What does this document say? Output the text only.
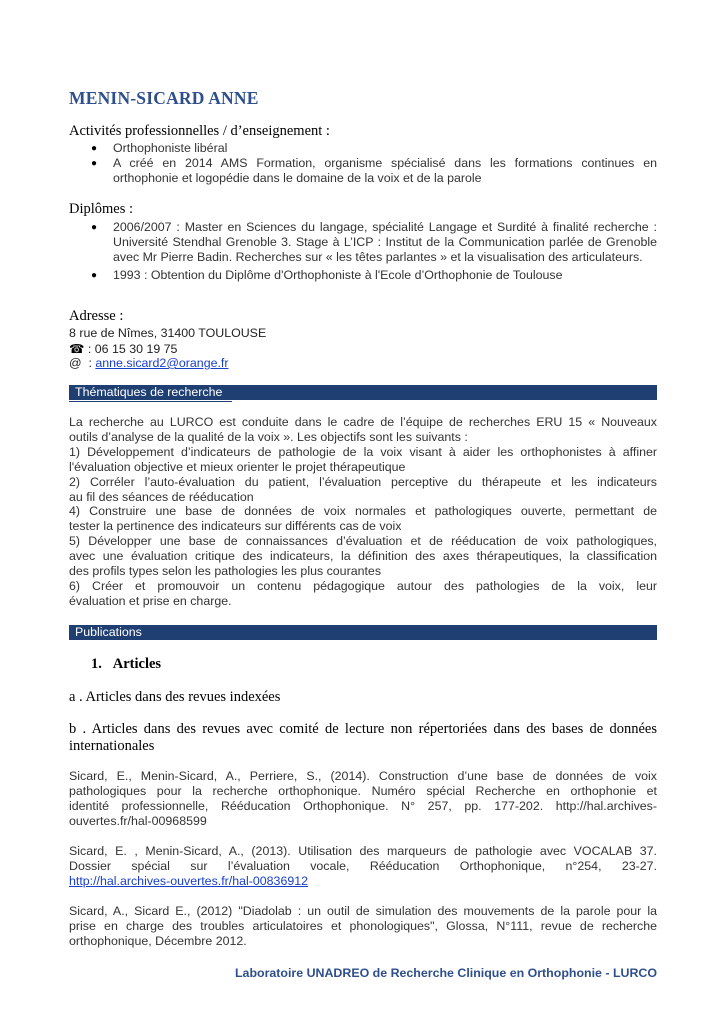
MENIN-SICARD ANNE
Activités professionnelles / d’enseignement :
● Orthophoniste libéral
● A créé en 2014 AMS Formation, organisme spécialisé dans les formations continues en orthophonie et logopédie dans le domaine de la voix et de la parole
Diplômes :
● 2006/2007 : Master en Sciences du langage, spécialité Langage et Surdité à finalité recherche : Université Stendhal Grenoble 3. Stage à L’ICP : Institut de la Communication parlée de Grenoble avec Mr Pierre Badin. Recherches sur « les têtes parlantes » et la visualisation des articulateurs.
● 1993 : Obtention du Diplôme d'Orthophoniste à l'Ecole d’Orthophonie de Toulouse
Adresse :
8 rue de Nîmes, 31400 TOULOUSE
☎ : 06 15 30 19 75
@  : anne.sicard2@orange.fr
Thématiques de recherche
La recherche au LURCO est conduite dans le cadre de l’équipe de recherches ERU 15 « Nouveaux
outils d’analyse de la qualité de la voix ». Les objectifs sont les suivants :
1) Développement d’indicateurs de pathologie de la voix visant à aider les orthophonistes à affiner
l'évaluation objective et mieux orienter le projet thérapeutique
2) Corréler l’auto-évaluation du patient, l’évaluation perceptive du thérapeute et les indicateurs
au fil des séances de rééducation
4) Construire une base de données de voix normales et pathologiques ouverte, permettant de
tester la pertinence des indicateurs sur différents cas de voix
5) Développer une base de connaissances d’évaluation et de rééducation de voix pathologiques,
avec une évaluation critique des indicateurs, la définition des axes thérapeutiques, la classification
des profils types selon les pathologies les plus courantes
6) Créer et promouvoir un contenu pédagogique autour des pathologies de la voix, leur
évaluation et prise en charge.
Publications
1. Articles
a . Articles dans des revues indexées
b . Articles dans des revues avec comité de lecture non répertoriées dans des bases de données
internationales
Sicard, E., Menin-Sicard, A., Perriere, S., (2014). Construction d’une base de données de voix
pathologiques pour la recherche orthophonique. Numéro spécial Recherche en orthophonie et
identité professionnelle, Rééducation Orthophonique. N° 257, pp. 177-202. http://hal.archives-
ouvertes.fr/hal-00968599
Sicard, E. , Menin-Sicard, A., (2013). Utilisation des marqueurs de pathologie avec VOCALAB 37.
Dossier spécial sur l’évaluation vocale, Rééducation Orthophonique, n°254, 23-27.
http://hal.archives-ouvertes.fr/hal-00836912
Sicard, A., Sicard E., (2012) "Diadolab : un outil de simulation des mouvements de la parole pour la
prise en charge des troubles articulatoires et phonologiques", Glossa, N°111, revue de recherche
orthophonique, Décembre 2012.
Laboratoire UNADREO de Recherche Clinique en Orthophonie - LURCO
